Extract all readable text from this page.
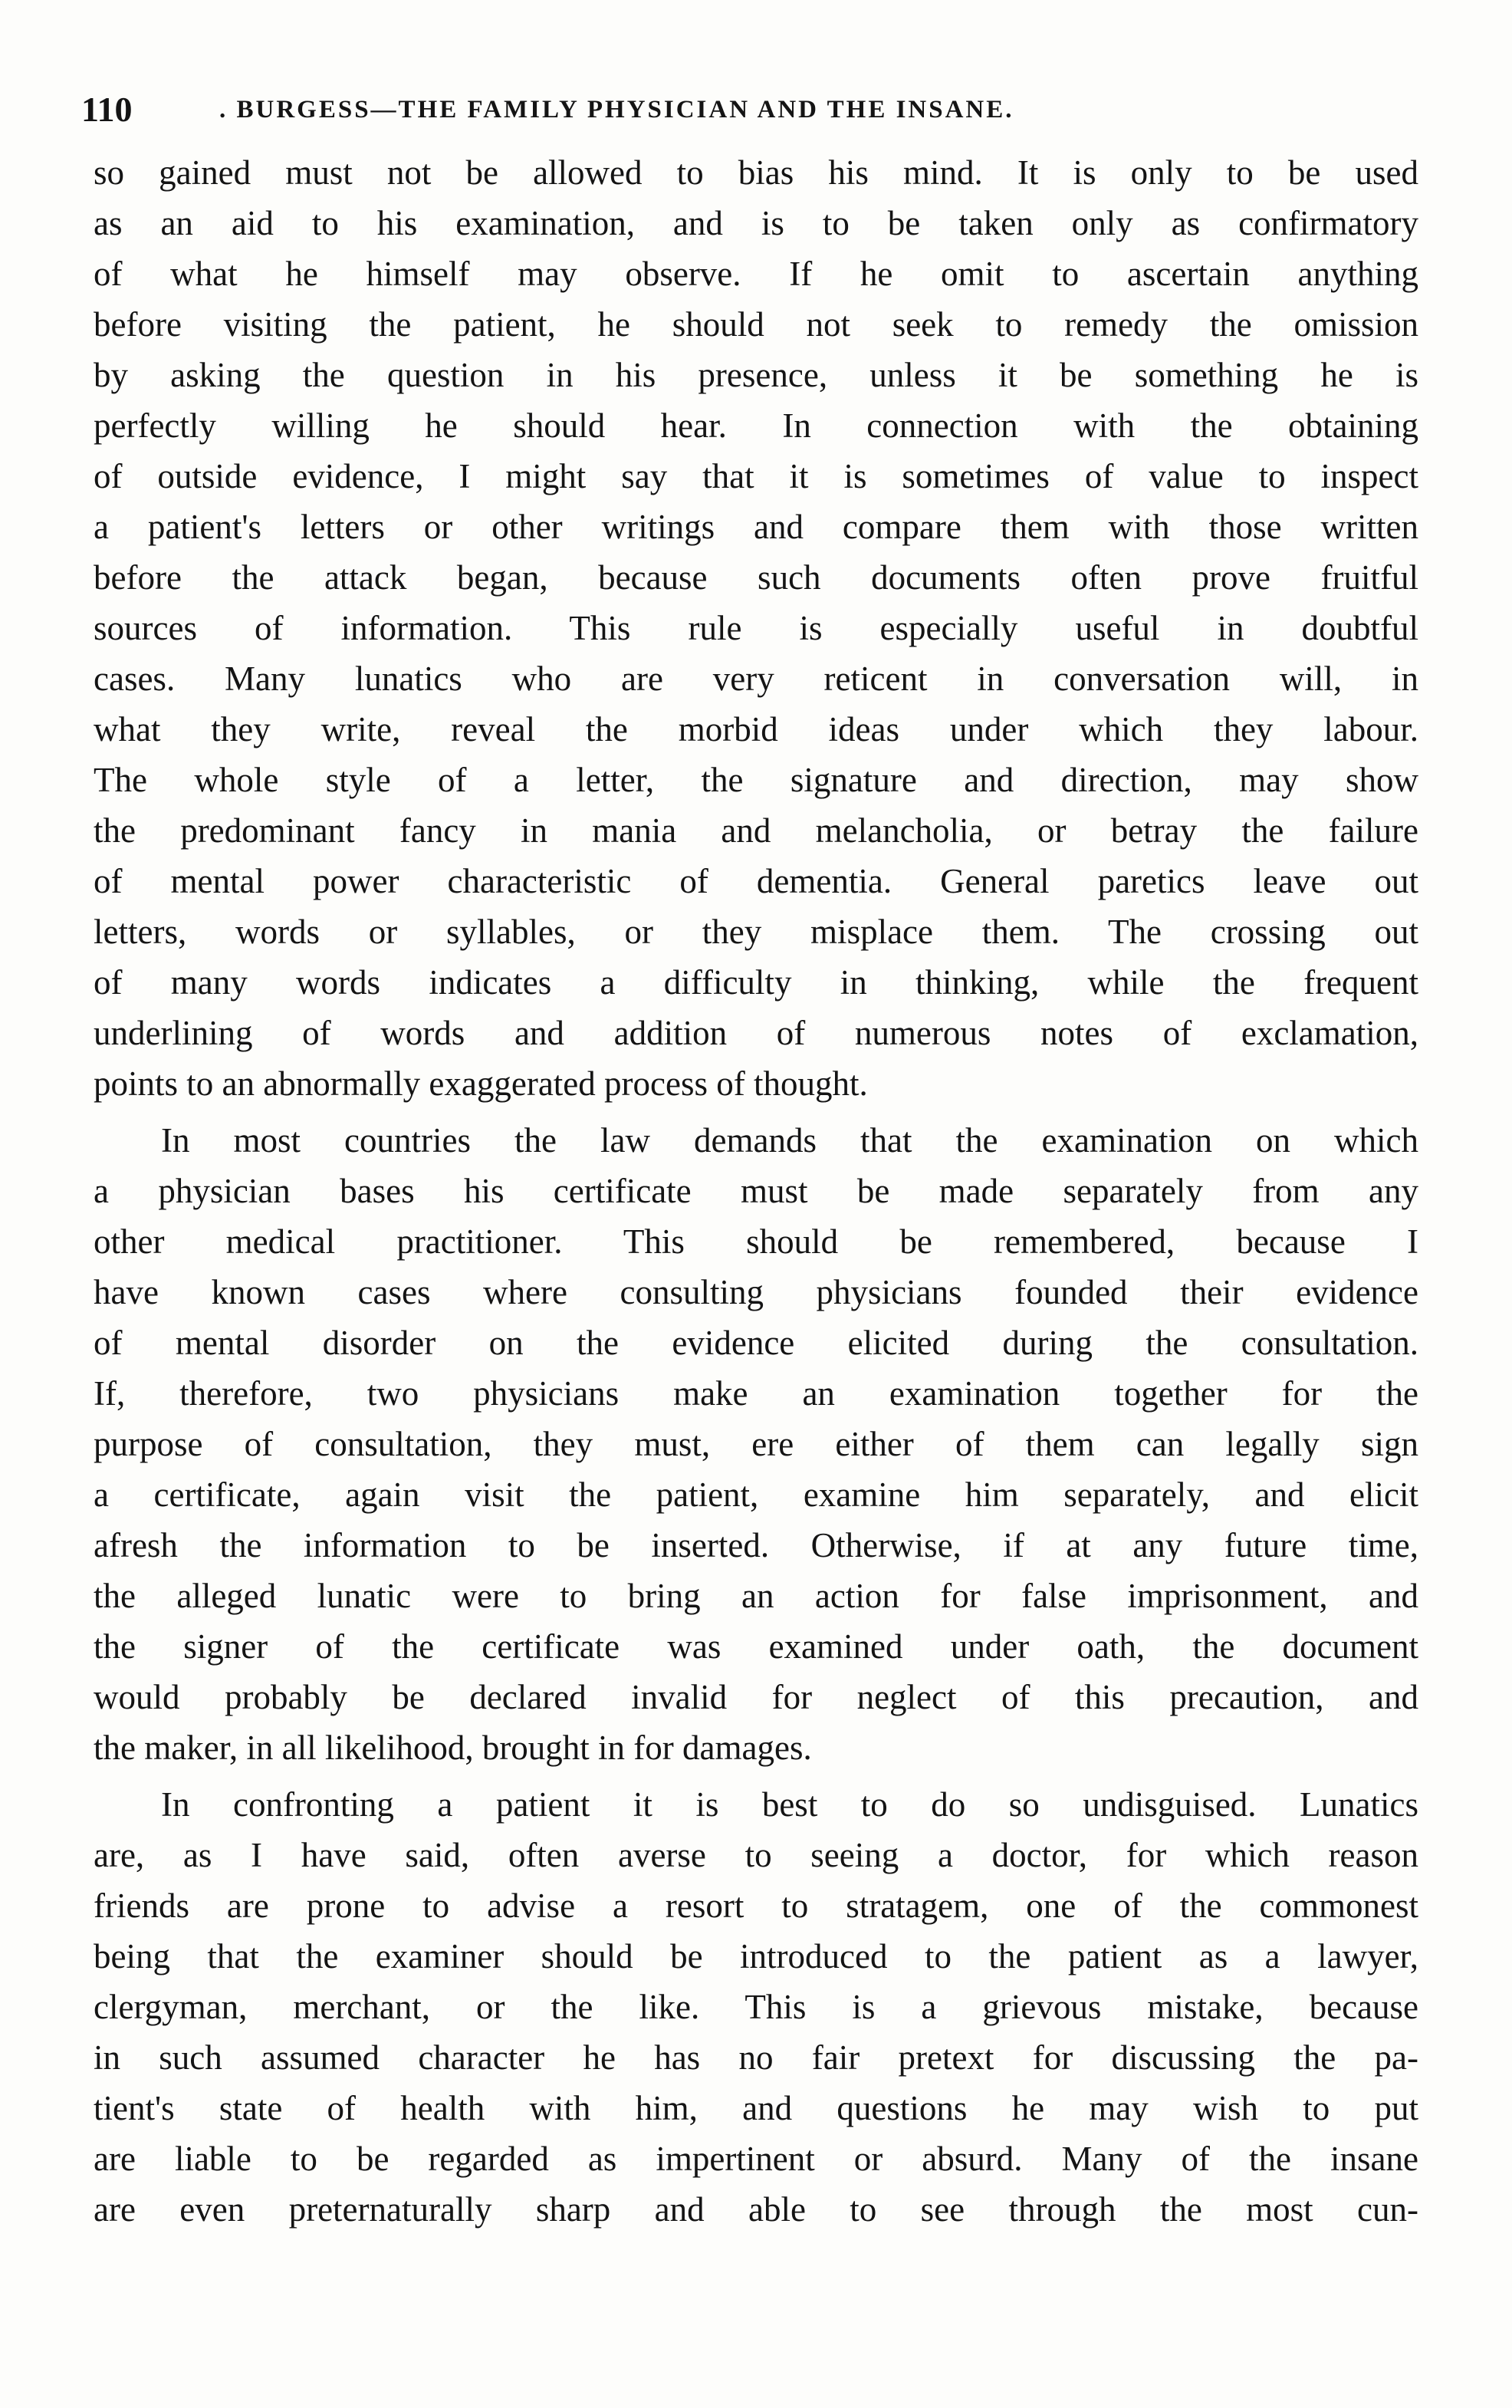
110	. BURGESS—THE FAMILY PHYSICIAN AND THE INSANE.
so gained must not be allowed to bias his mind. It is only to be used
as an aid to his examination, and is to be taken only as confirmatory
of what he himself may observe. If he omit to ascertain anything
before visiting the patient, he should not seek to remedy the omission
by asking the question in his presence, unless it be something he is
perfectly willing he should hear. In connection with the obtaining
of outside evidence, I might say that it is sometimes of value to inspect
a patient's letters or other writings and compare them with those written
before the attack began, because such documents often prove fruitful
sources of information. This rule is especially useful in doubtful
cases. Many lunatics who are very reticent in conversation will, in
what they write, reveal the morbid ideas under which they labour.
The whole style of a letter, the signature and direction, may show
the predominant fancy in mania and melancholia, or betray the failure
of mental power characteristic of dementia. General paretics leave out
letters, words or syllables, or they misplace them. The crossing out
of many words indicates a difficulty in thinking, while the frequent
underlining of words and addition of numerous notes of exclamation,
points to an abnormally exaggerated process of thought.
In most countries the law demands that the examination on which
a physician bases his certificate must be made separately from any
other medical practitioner. This should be remembered, because I
have known cases where consulting physicians founded their evidence
of mental disorder on the evidence elicited during the consultation.
If, therefore, two physicians make an examination together for the
purpose of consultation, they must, ere either of them can legally sign
a certificate, again visit the patient, examine him separately, and elicit
afresh the information to be inserted. Otherwise, if at any future time,
the alleged lunatic were to bring an action for false imprisonment, and
the signer of the certificate was examined under oath, the document
would probably be declared invalid for neglect of this precaution, and
the maker, in all likelihood, brought in for damages.
In confronting a patient it is best to do so undisguised. Lunatics
are, as I have said, often averse to seeing a doctor, for which reason
friends are prone to advise a resort to stratagem, one of the commonest
being that the examiner should be introduced to the patient as a lawyer,
clergyman, merchant, or the like. This is a grievous mistake, because
in such assumed character he has no fair pretext for discussing the pa-
tient's state of health with him, and questions he may wish to put
are liable to be regarded as impertinent or absurd. Many of the insane
are even preternaturally sharp and able to see through the most cun-
